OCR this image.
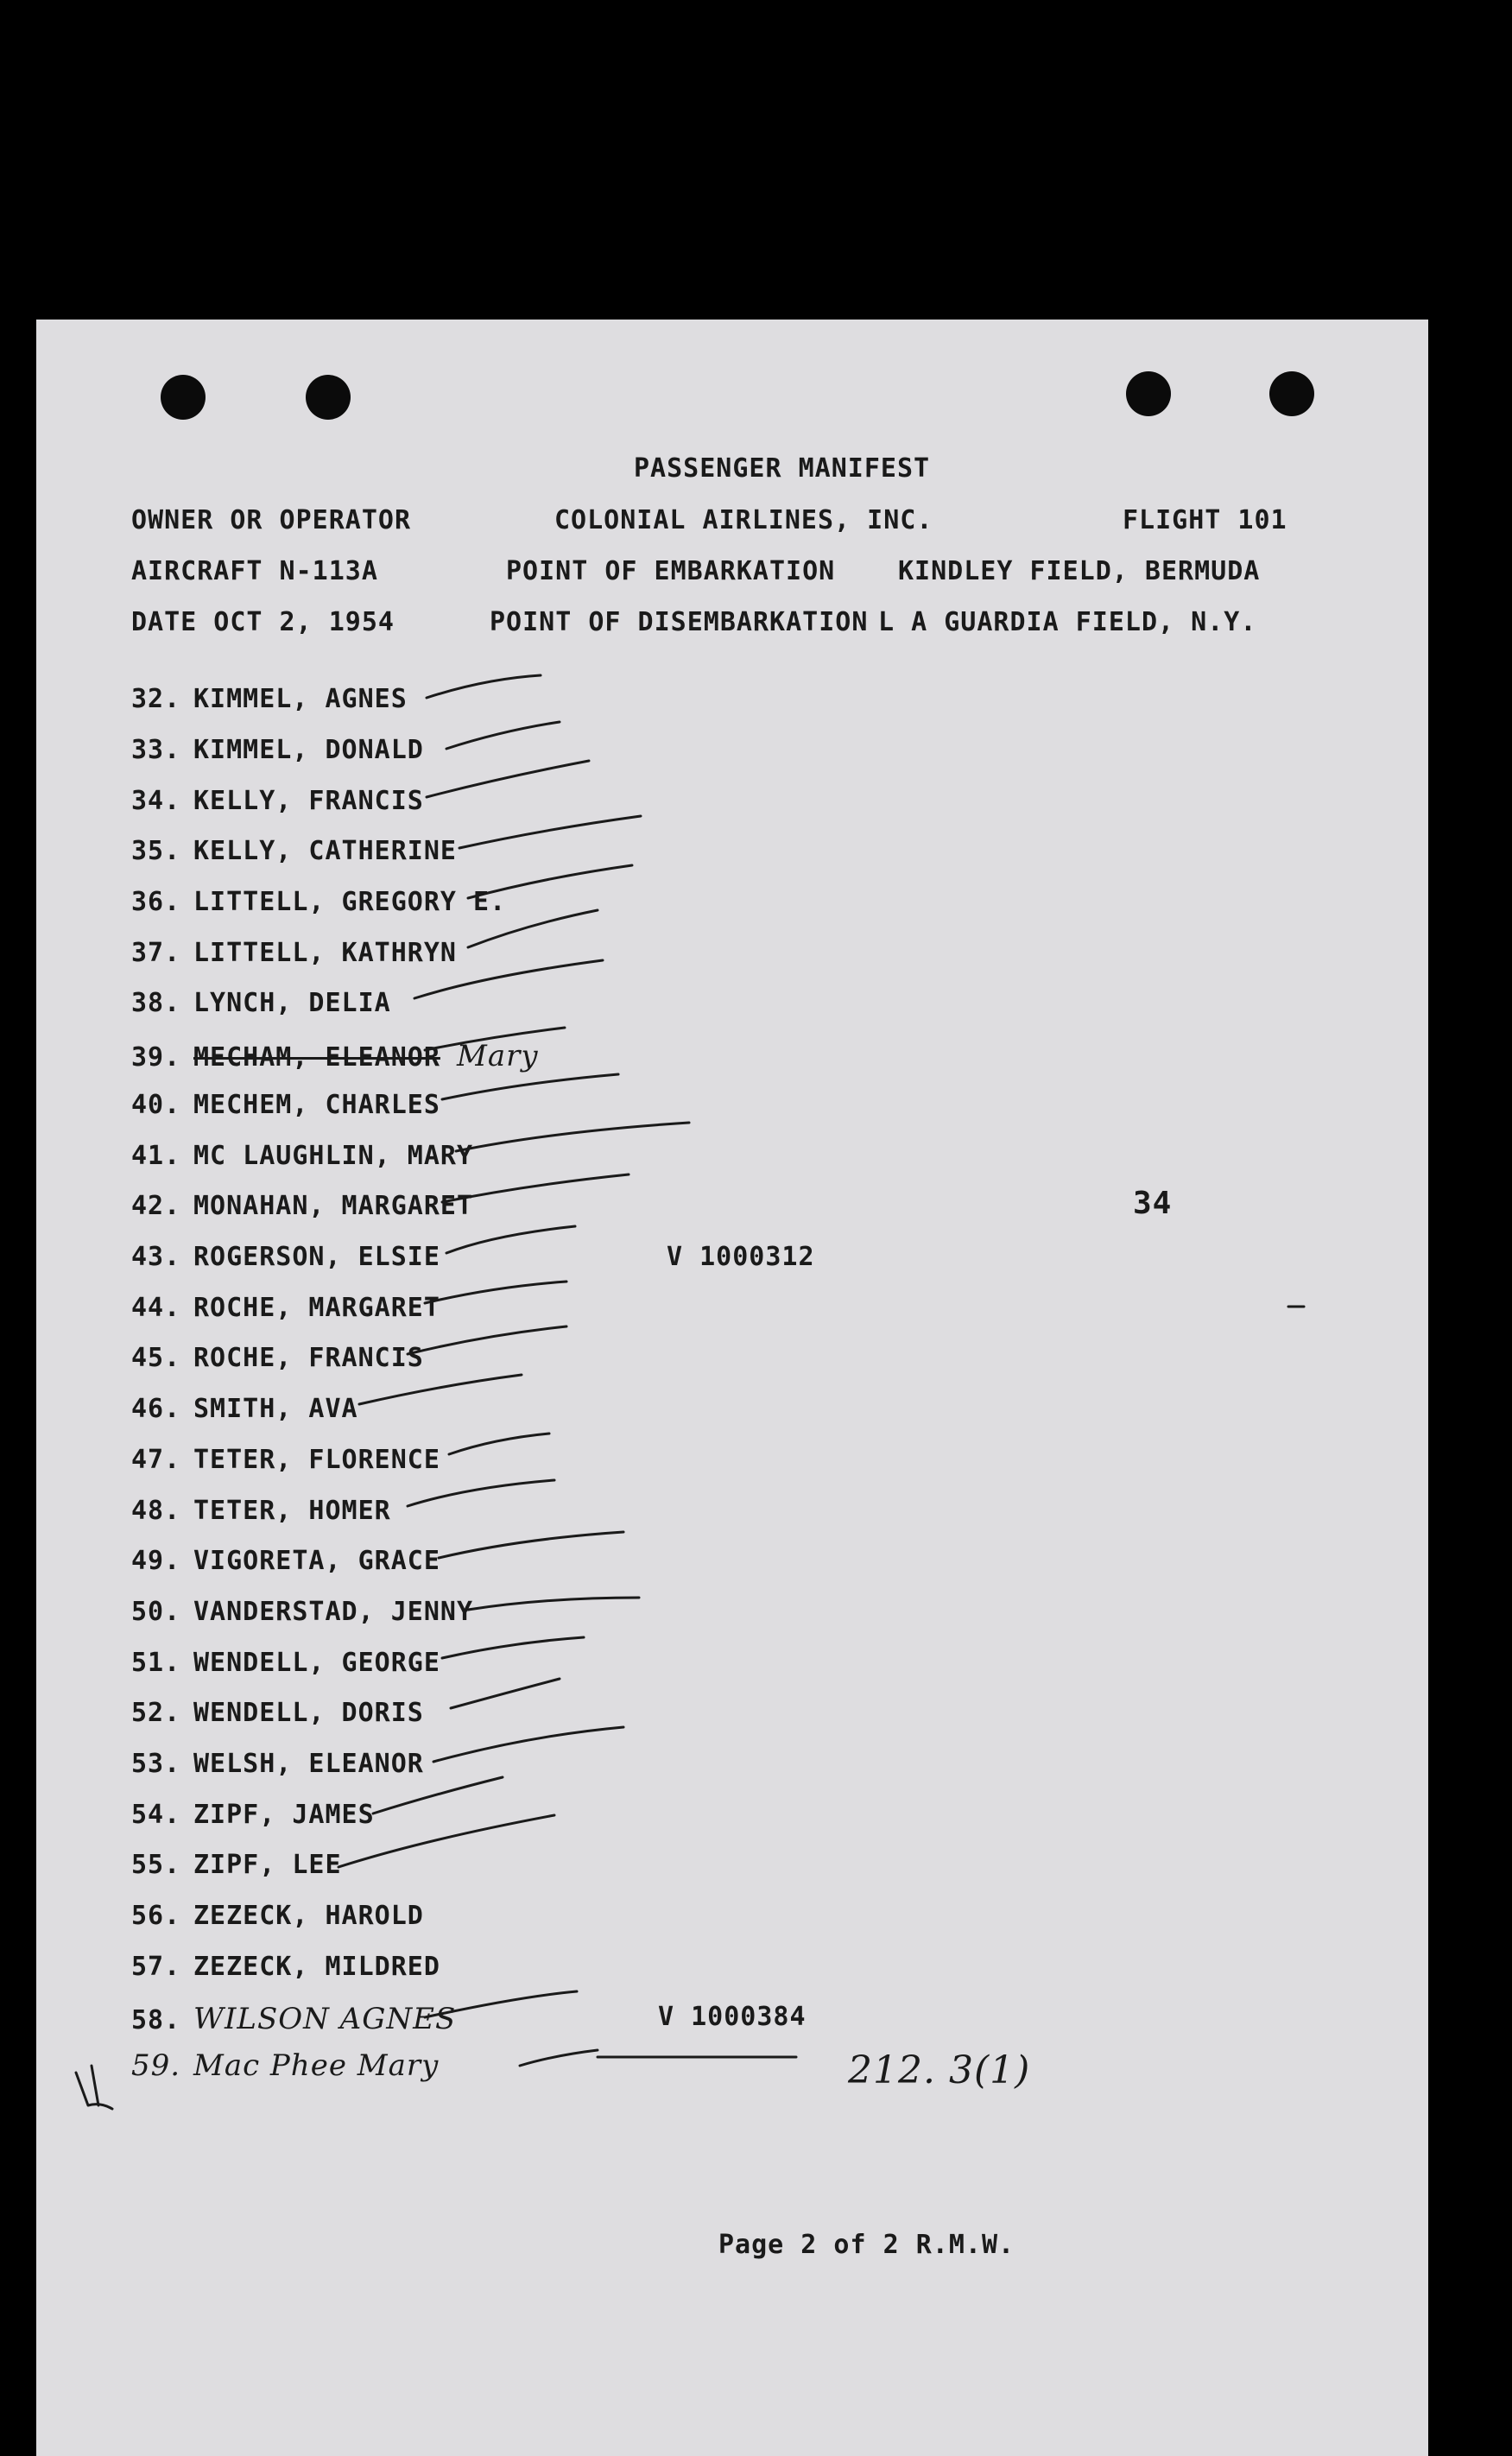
PASSENGER MANIFEST
OWNER OR OPERATOR	COLONIAL AIRLINES, INC.	FLIGHT 101
AIRCRAFT N-113A	POINT OF EMBARKATION KINDLEY FIELD, BERMUDA
DATE OCT 2, 1954	POINT OF DISEMBARKATION L A GUARDIA FIELD, N.Y.
32. KIMMEL, AGNES
33. KIMMEL, DONALD
34. KELLY, FRANCIS
35. KELLY, CATHERINE
36. LITTELL, GREGORY E.
37. LITTELL, KATHRYN
38. LYNCH, DELIA
39. MECHAM, ELEANOR Mary
40. MECHEM, CHARLES
41. MC LAUGHLIN, MARY
42. MONAHAN, MARGARET
43. ROGERSON, ELSIE	V 1000312
44. ROCHE, MARGARET
45. ROCHE, FRANCIS
46. SMITH, AVA
47. TETER, FLORENCE
48. TETER, HOMER
49. VIGORETA, GRACE
50. VANDERSTAD, JENNY
51. WENDELL, GEORGE
52. WENDELL, DORIS
53. WELSH, ELEANOR
54. ZIPF, JAMES
55. ZIPF, LEE
56. ZEZECK, HAROLD
57. ZEZECK, MILDRED
58. WILSON AGNES	V 1000384
59. Mac Phee Mary	212. 3(1)
34
Page 2 of 2 R.M.W.
